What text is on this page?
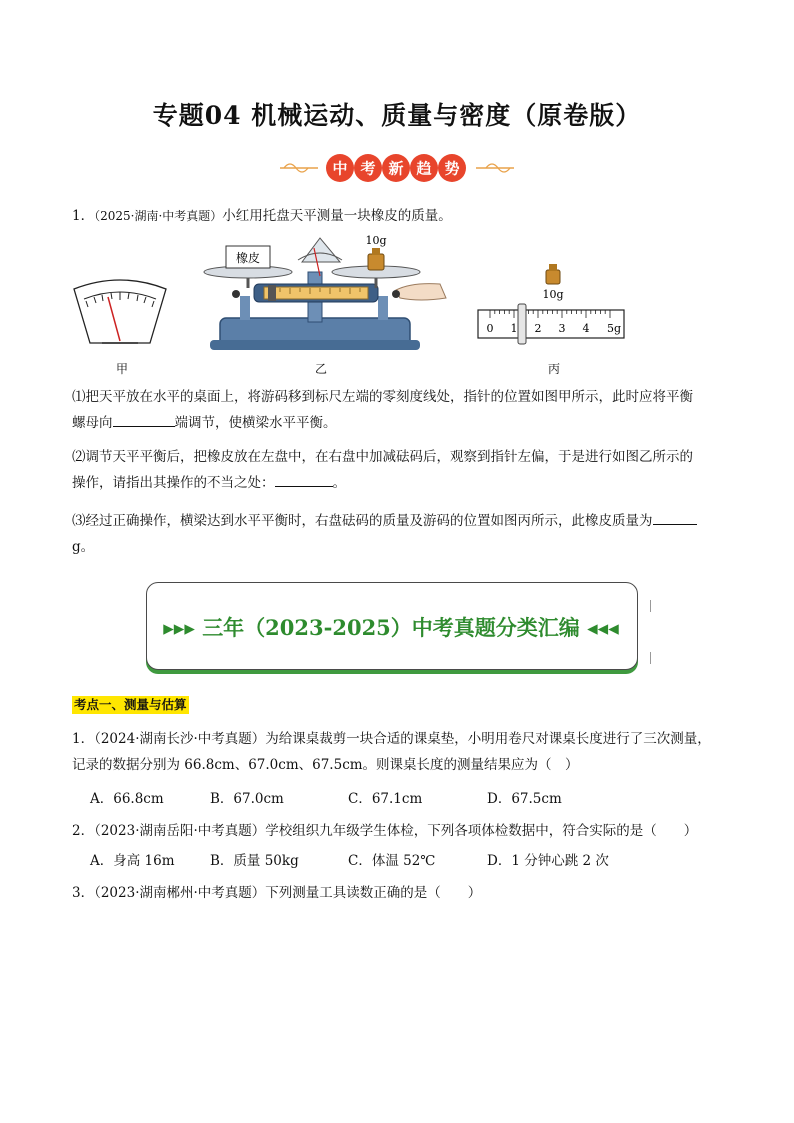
专题04 机械运动、质量与密度（原卷版）
中 考 新 趋 势
1．（2025·湖南·中考真题）小红用托盘天平测量一块橡皮的质量。
甲
橡皮
10g
乙
10g
0 1 2 3 4 5g
丙
⑴把天平放在水平的桌面上，将游码移到标尺左端的零刻度线处，指针的位置如图甲所示，此时应将平衡
螺母向	端调节，使横梁水平平衡。
⑵调节天平平衡后，把橡皮放在左盘中，在右盘中加减砝码后，观察到指针左偏，于是进行如图乙所示的
操作，请指出其操作的不当之处：	。
⑶经过正确操作，横梁达到水平平衡时，右盘砝码的质量及游码的位置如图丙所示，此橡皮质量为
g。
▸▸▸ 三年（2023-2025）中考真题分类汇编 ◂◂◂
考点一、测量与估算
1．（2024·湖南长沙·中考真题）为给课桌裁剪一块合适的课桌垫，小明用卷尺对课桌长度进行了三次测量，
记录的数据分别为 66.8cm、67.0cm、67.5cm。则课桌长度的测量结果应为（　）
A．66.8cm	B．67.0cm	C．67.1cm	D．67.5cm
2．（2023·湖南岳阳·中考真题）学校组织九年级学生体检，下列各项体检数据中，符合实际的是（　　）
A．身高 16m	B．质量 50kg	C．体温 52℃	D．1 分钟心跳 2 次
3．（2023·湖南郴州·中考真题）下列测量工具读数正确的是（　　）
